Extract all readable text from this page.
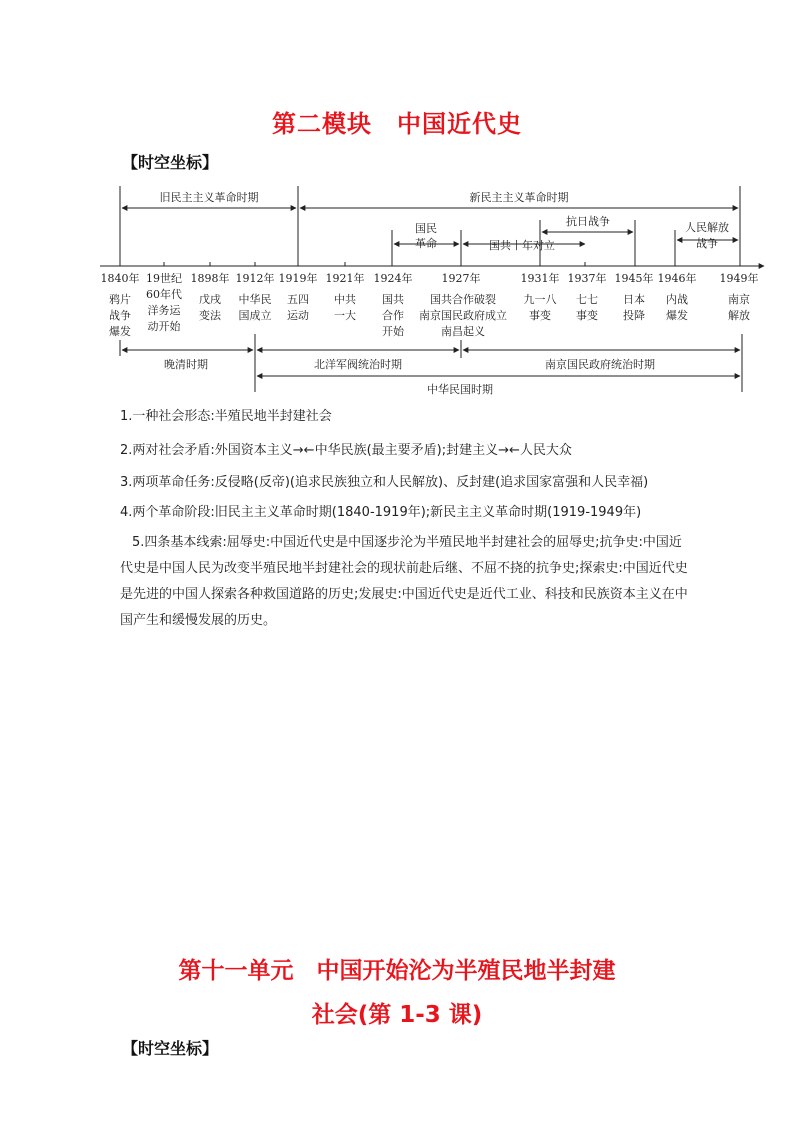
第二模块　中国近代史
【时空坐标】
旧民主主义革命时期	新民主主义革命时期
国民
革命	国共十年对立
抗日战争	人民解放
战争
1840年 19世纪
60年代
1898年 1912年 1919年 1921年 1924年	1927年	1931年 1937年 1945年 1946年 1949年
鸦片
战争
爆发
洋务运
动开始
戊戌
变法
中华民
国成立
五四
运动
中共
一大
国共
合作
开始
国共合作破裂
南京国民政府成立
南昌起义
九一八
事变
七七
事变
日本
投降
内战
爆发
南京
解放
晚清时期	北洋军阀统治时期	南京国民政府统治时期
中华民国时期
1.一种社会形态:半殖民地半封建社会
2.两对社会矛盾:外国资本主义→←中华民族(最主要矛盾);封建主义→←人民大众
3.两项革命任务:反侵略(反帝)(追求民族独立和人民解放)、反封建(追求国家富强和人民幸福)
4.两个革命阶段:旧民主主义革命时期(1840-1919年);新民主主义革命时期(1919-1949年)
5.四条基本线索:屈辱史:中国近代史是中国逐步沦为半殖民地半封建社会的屈辱史;抗争史:中国近代史是中国人民为改变半殖民地半封建社会的现状前赴后继、不屈不挠的抗争史;探索史:中国近代史是先进的中国人探索各种救国道路的历史;发展史:中国近代史是近代工业、科技和民族资本主义在中国产生和缓慢发展的历史。
第十一单元　中国开始沦为半殖民地半封建
社会(第 1-3 课)
【时空坐标】
